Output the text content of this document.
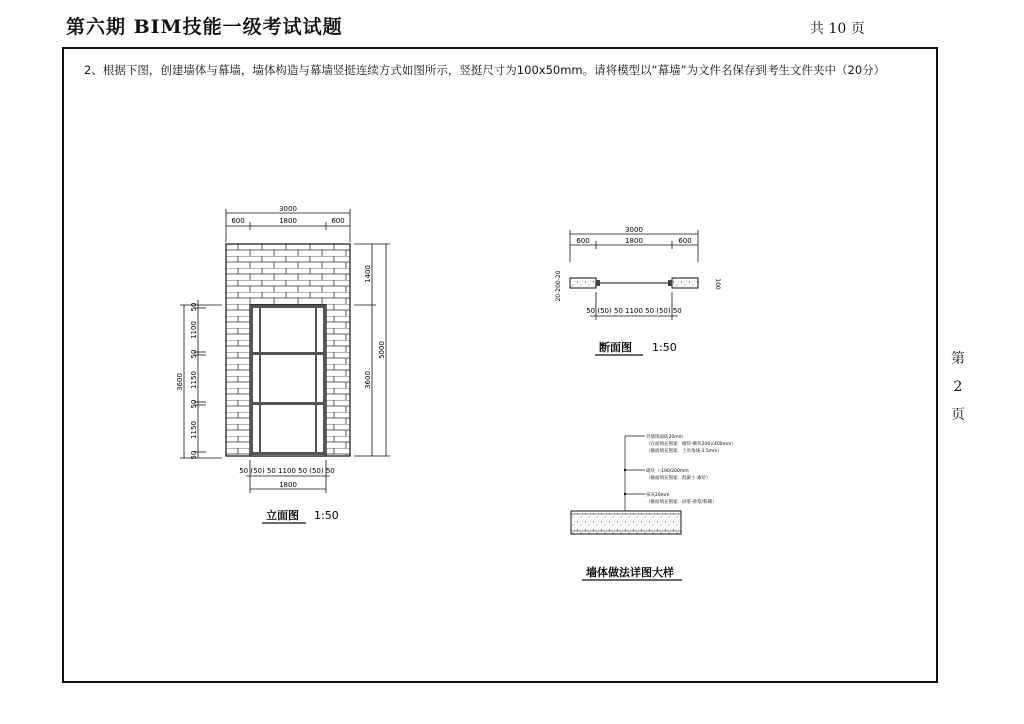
第六期 BIM技能一级考试试题	共 10 页
2、根据下图，创建墙体与幕墙，墙体构造与幕墙竖挺连续方式如图所示，竖挺尺寸为100x50mm。请将模型以“幕墙”为文件名保存到考生文件夹中（20分）
第
2
页
3000
600	1800	600
50
1100
50
1150
50
1150
50
3600
1400
3600
5000
50 (50) 50 1100 50 (50) 50
1800
立面图 1:50
3000
600	1800	600
20-200-20	100
50 (50) 50 1100 50 (50) 50
断面图 1:50
外墙饰面砖20mm
（在面填充图案：砌块-砌块200×400mm）
（截面填充图案：上对角线-1.5mm）
砌块（-190/200mm
（截面填充图案：混凝土-素砼）
抹灰20mm
（截面填充图案：砂浆-砂浆/粉刷）
墙体做法详图大样
